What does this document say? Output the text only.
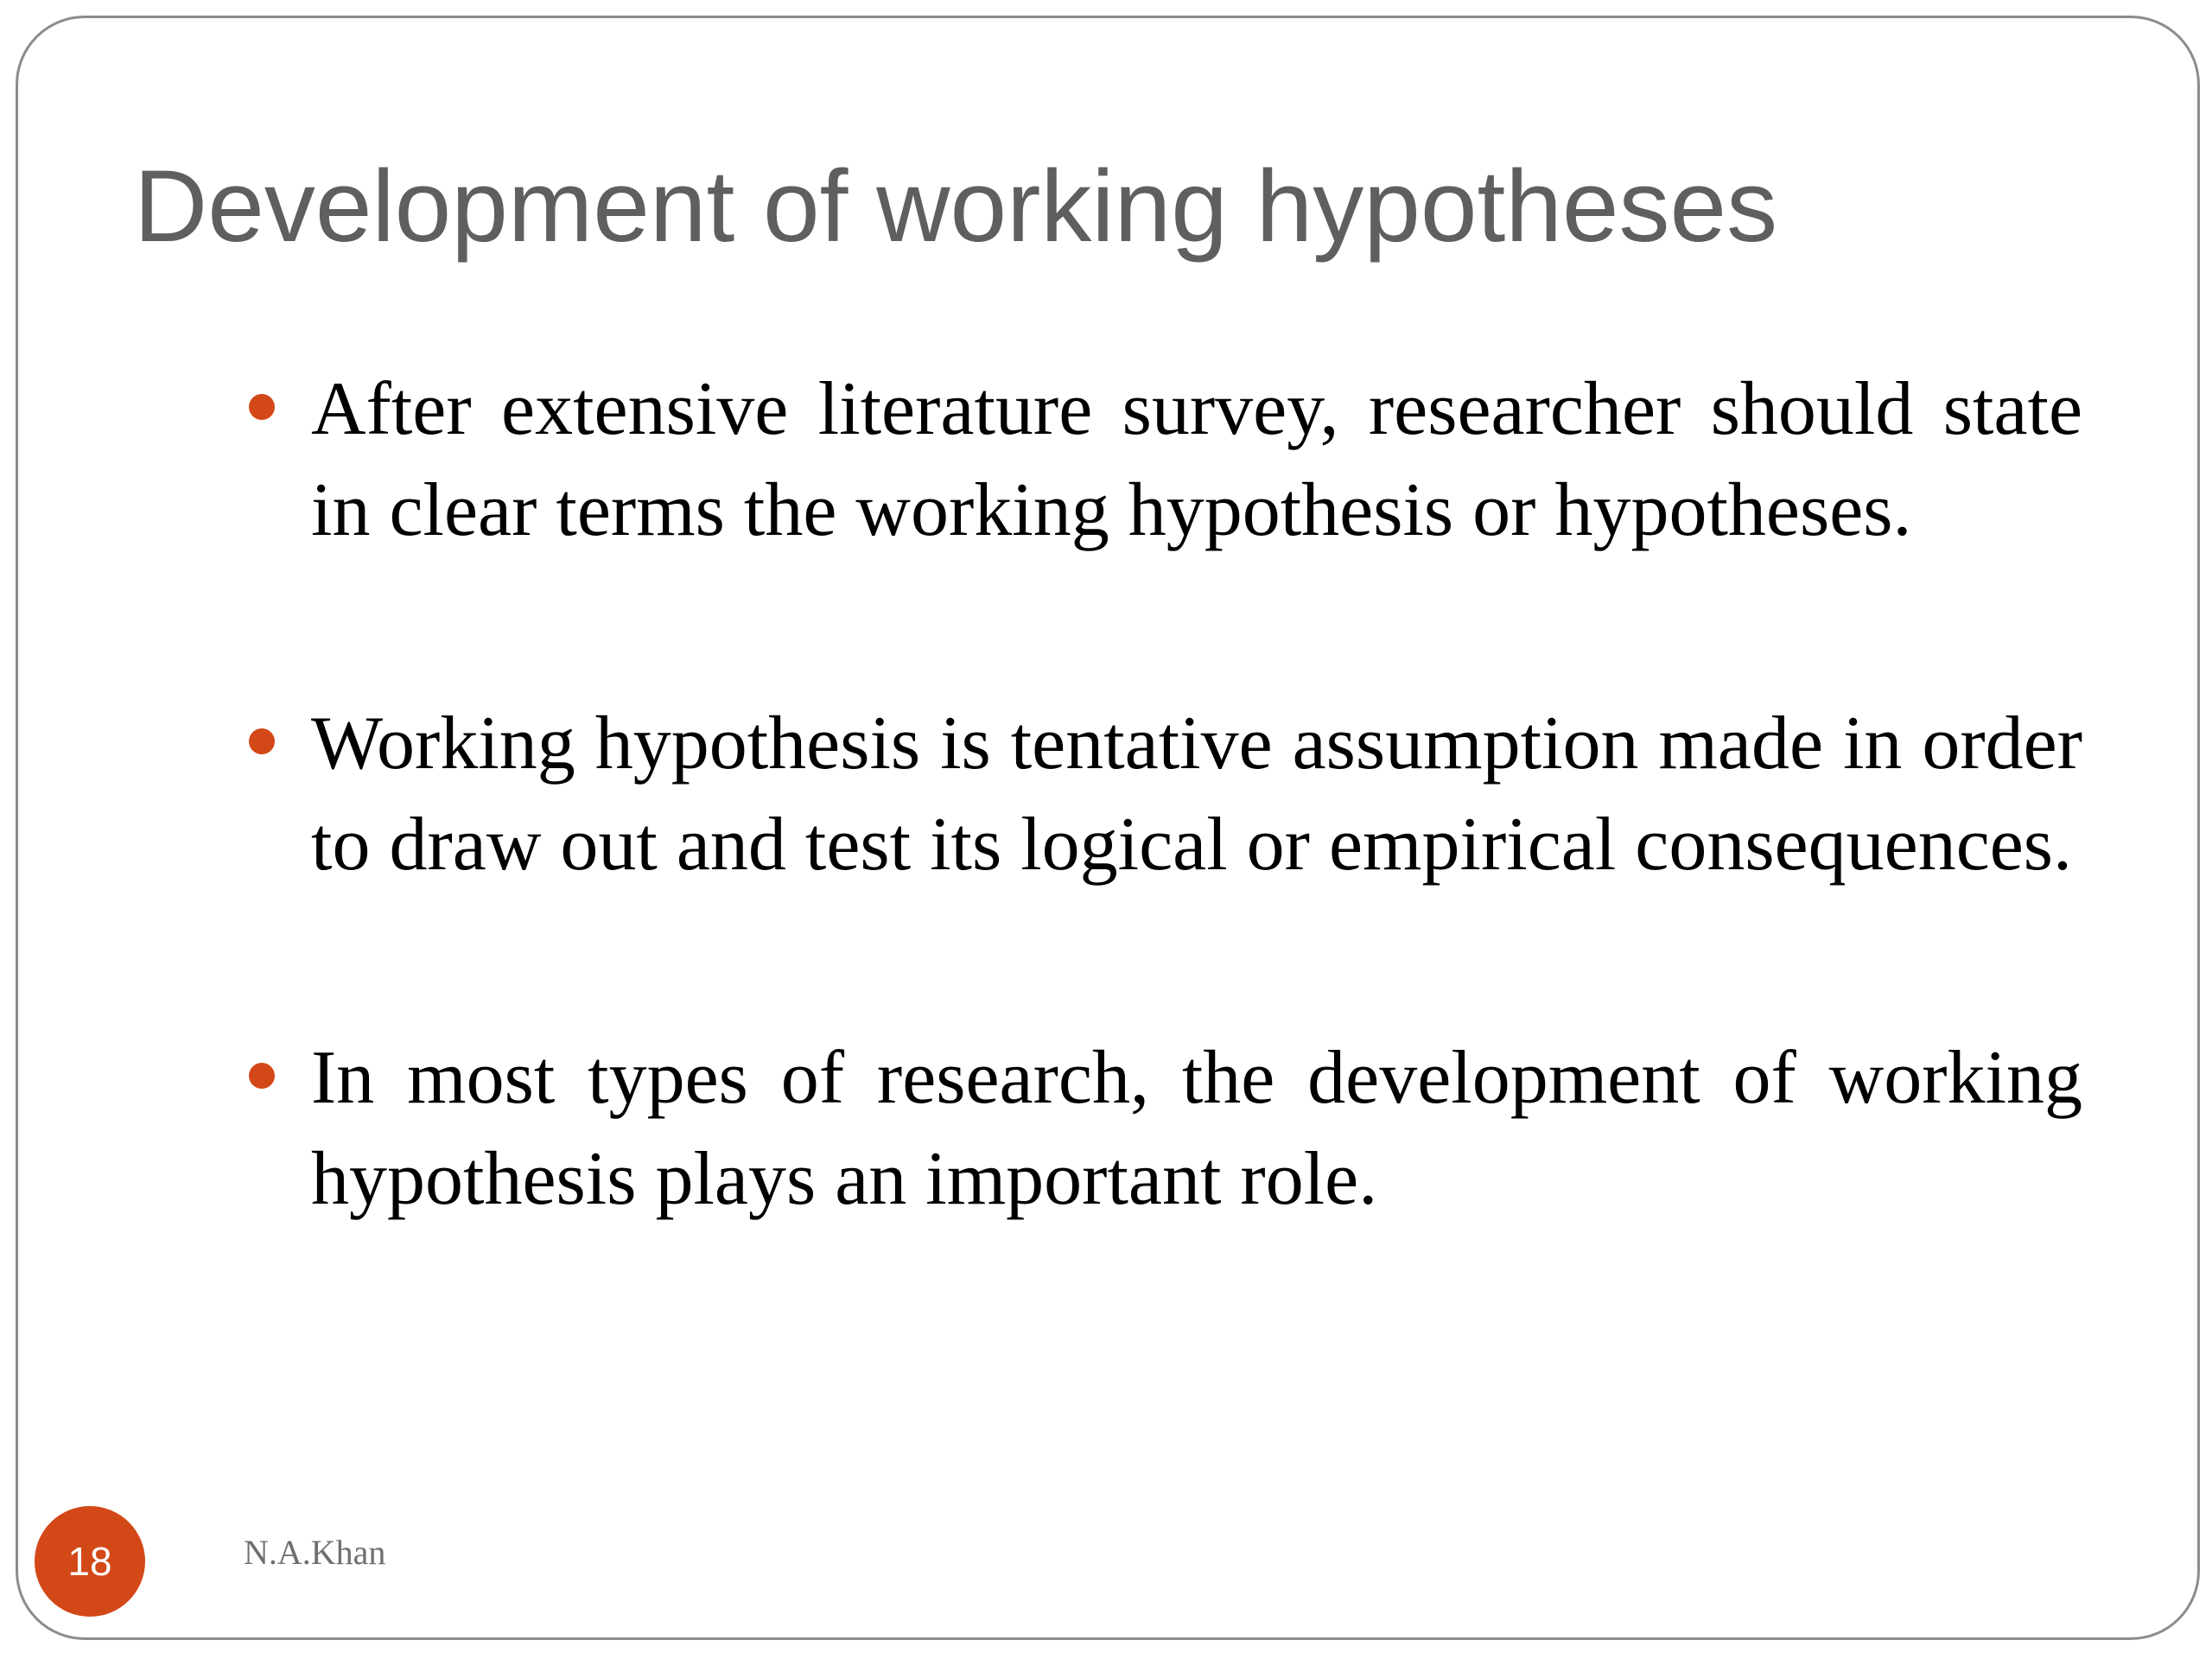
Development of working hypotheses
After extensive literature survey, researcher should state in clear terms the working hypothesis or hypotheses.
Working hypothesis is tentative assumption made in order to draw out and test its logical or empirical consequences.
In most types of research, the development of working hypothesis plays an important role.
18	N.A.Khan
